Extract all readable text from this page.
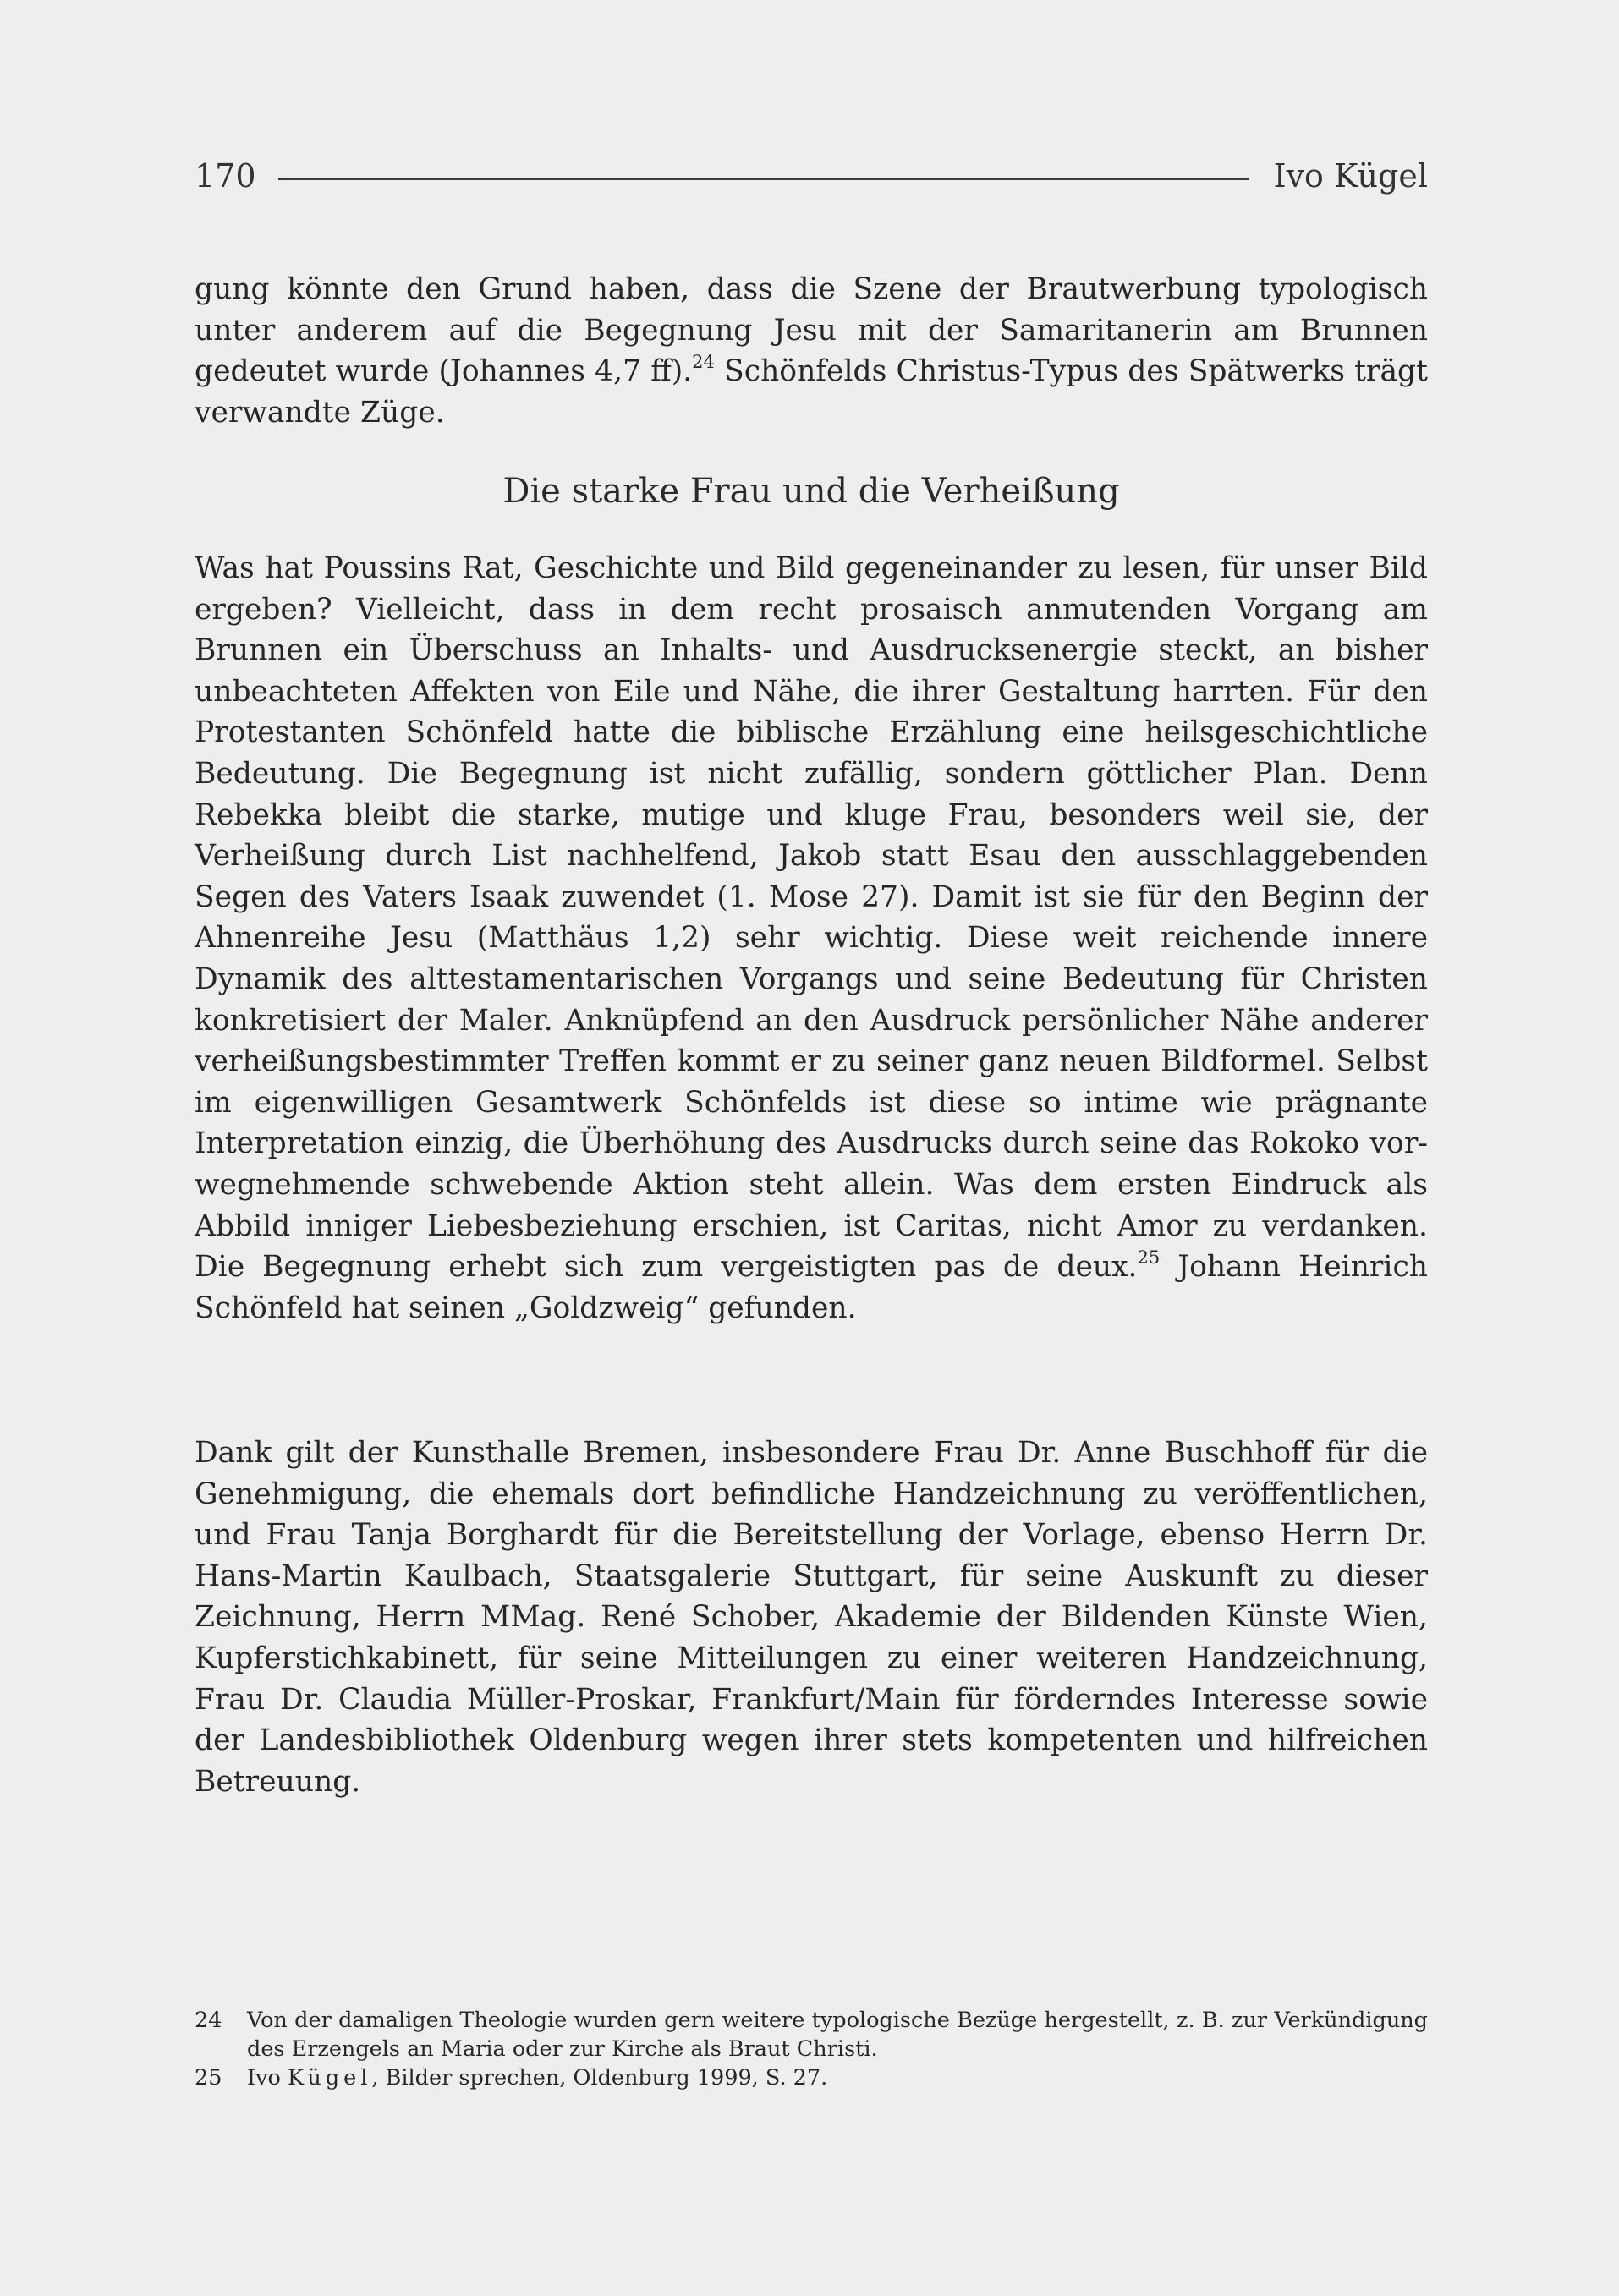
170	Ivo Kügel

gung könnte den Grund haben, dass die Szene der Brautwerbung typologisch unter anderem auf die Begegnung Jesu mit der Samaritanerin am Brunnen gedeutet wurde (Johannes 4,7 ff).$^{24}$ Schönfelds Christus-Typus des Spätwerks trägt verwandte Züge.

Die starke Frau und die Verheißung

Was hat Poussins Rat, Geschichte und Bild gegeneinander zu lesen, für unser Bild ergeben? Vielleicht, dass in dem recht prosaisch anmutenden Vorgang am Brunnen ein Überschuss an Inhalts- und Ausdrucksenergie steckt, an bisher unbeachteten Affekten von Eile und Nähe, die ihrer Gestaltung harrten. Für den Protestanten Schönfeld hatte die biblische Erzählung eine heilsgeschichtliche Bedeutung. Die Begegnung ist nicht zufällig, sondern göttlicher Plan. Denn Rebekka bleibt die starke, mutige und kluge Frau, besonders weil sie, der Verheißung durch List nachhelfend, Jakob statt Esau den ausschlaggebenden Segen des Vaters Isaak zuwendet (1. Mose 27). Damit ist sie für den Beginn der Ahnenreihe Jesu (Matthäus 1,2) sehr wichtig. Diese weit reichende innere Dynamik des alttestamentarischen Vorgangs und seine Bedeutung für Christen konkretisiert der Maler. Anknüpfend an den Ausdruck persönlicher Nähe anderer verheißungsbestimmter Treffen kommt er zu seiner ganz neuen Bildformel. Selbst im eigenwilligen Gesamtwerk Schönfelds ist diese so intime wie prägnante Interpretation einzig, die Überhöhung des Ausdrucks durch seine das Rokoko vorwegnehmende schwebende Aktion steht allein. Was dem ersten Eindruck als Abbild inniger Liebesbeziehung erschien, ist Caritas, nicht Amor zu verdanken. Die Begegnung erhebt sich zum vergeistigten pas de deux.$^{25}$ Johann Heinrich Schönfeld hat seinen „Goldzweig“ gefunden.

Dank gilt der Kunsthalle Bremen, insbesondere Frau Dr. Anne Buschhoff für die Genehmigung, die ehemals dort befindliche Handzeichnung zu veröffentlichen, und Frau Tanja Borghardt für die Bereitstellung der Vorlage, ebenso Herrn Dr. Hans-Martin Kaulbach, Staatsgalerie Stuttgart, für seine Auskunft zu dieser Zeichnung, Herrn MMag. René Schober, Akademie der Bildenden Künste Wien, Kupferstichkabinett, für seine Mitteilungen zu einer weiteren Handzeichnung, Frau Dr. Claudia Müller-Proskar, Frankfurt/Main für förderndes Interesse sowie der Landesbibliothek Oldenburg wegen ihrer stets kompetenten und hilfreichen Betreuung.

24	Von der damaligen Theologie wurden gern weitere typologische Bezüge hergestellt, z. B. zur Verkündigung des Erzengels an Maria oder zur Kirche als Braut Christi.
25	Ivo Kügel, Bilder sprechen, Oldenburg 1999, S. 27.
